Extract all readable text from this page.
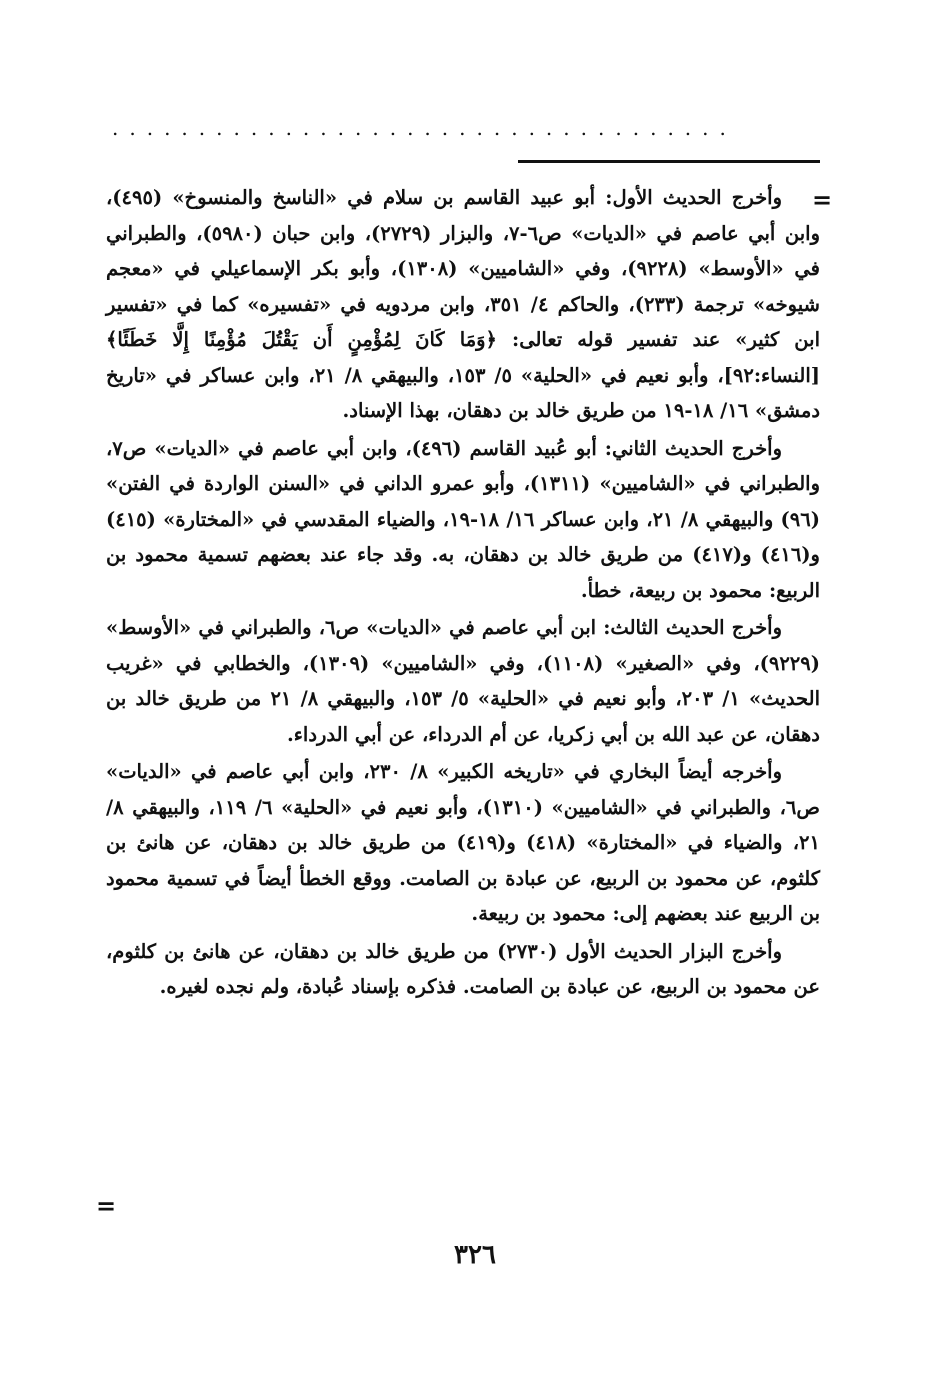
....................................
=

وأخرج الحديث الأول: أبو عبيد القاسم بن سلام في «الناسخ والمنسوخ» (٤٩٥)، وابن أبي عاصم في «الديات» ص٦-٧، والبزار (٢٧٢٩)، وابن حبان (٥٩٨٠)، والطبراني في «الأوسط» (٩٢٢٨)، وفي «الشاميين» (١٣٠٨)، وأبو بكر الإسماعيلي في «معجم شيوخه» ترجمة (٢٣٣)، والحاكم ٤/ ٣٥١، وابن مردويه في «تفسيره» كما في «تفسير ابن كثير» عند تفسير قوله تعالى: ﴿وَمَا كَانَ لِمُؤْمِنٍ أَن يَقْتُلَ مُؤْمِنًا إِلَّا خَطَئًا﴾ [النساء:٩٢]، وأبو نعيم في «الحلية» ٥/ ١٥٣، والبيهقي ٨/ ٢١، وابن عساكر في «تاريخ دمشق» ١٦/ ١٨-١٩ من طريق خالد بن دهقان، بهذا الإسناد.

وأخرج الحديث الثاني: أبو عُبيد القاسم (٤٩٦)، وابن أبي عاصم في «الديات» ص٧، والطبراني في «الشاميين» (١٣١١)، وأبو عمرو الداني في «السنن الواردة في الفتن» (٩٦) والبيهقي ٨/ ٢١، وابن عساكر ١٦/ ١٨-١٩، والضياء المقدسي في «المختارة» (٤١٥) و(٤١٦) و(٤١٧) من طريق خالد بن دهقان، به. وقد جاء عند بعضهم تسمية محمود بن الربيع: محمود بن ربيعة، خطأ.

وأخرج الحديث الثالث: ابن أبي عاصم في «الديات» ص٦، والطبراني في «الأوسط» (٩٢٢٩)، وفي «الصغير» (١١٠٨)، وفي «الشاميين» (١٣٠٩)، والخطابي في «غريب الحديث» ١/ ٢٠٣، وأبو نعيم في «الحلية» ٥/ ١٥٣، والبيهقي ٨/ ٢١ من طريق خالد بن دهقان، عن عبد الله بن أبي زكريا، عن أم الدرداء، عن أبي الدرداء.

وأخرجه أيضاً البخاري في «تاريخه الكبير» ٨/ ٢٣٠، وابن أبي عاصم في «الديات» ص٦، والطبراني في «الشاميين» (١٣١٠)، وأبو نعيم في «الحلية» ٦/ ١١٩، والبيهقي ٨/ ٢١، والضياء في «المختارة» (٤١٨) و(٤١٩) من طريق خالد بن دهقان، عن هانئ بن كلثوم، عن محمود بن الربيع، عن عبادة بن الصامت. ووقع الخطأ أيضاً في تسمية محمود بن الربيع عند بعضهم إلى: محمود بن ربيعة.

وأخرج البزار الحديث الأول (٢٧٣٠) من طريق خالد بن دهقان، عن هانئ بن كلثوم، عن محمود بن الربيع، عن عبادة بن الصامت. فذكره بإسناد عُبادة، ولم نجده لغيره.

=
٣٢٦
